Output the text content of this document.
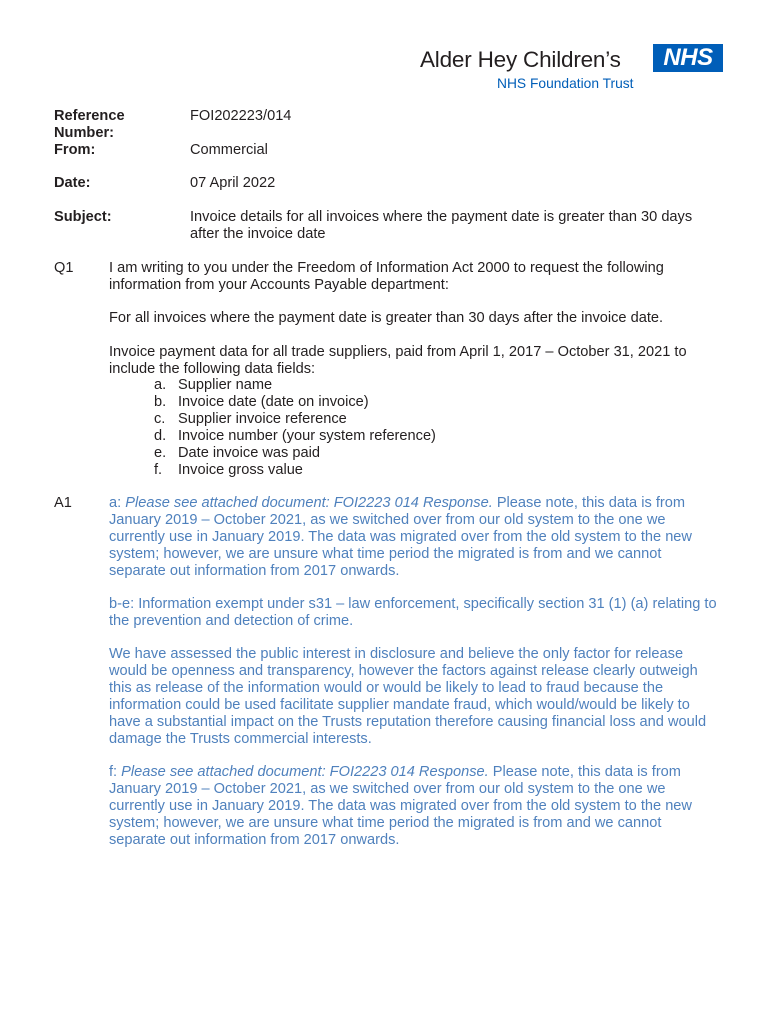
Alder Hey Children’s	NHS
NHS Foundation Trust
Reference Number:
FOI202223/014
From:	Commercial
Date:	07 April 2022
Subject:	Invoice details for all invoices where the payment date is greater than 30 days after the invoice date
Q1 I am writing to you under the Freedom of Information Act 2000 to request the following information from your Accounts Payable department:
For all invoices where the payment date is greater than 30 days after the invoice date.
Invoice payment data for all trade suppliers, paid from April 1, 2017 – October 31, 2021 to include the following data fields:
a. Supplier name
b. Invoice date (date on invoice)
c. Supplier invoice reference
d. Invoice number (your system reference)
e. Date invoice was paid
f. Invoice gross value
A1	a: Please see attached document: FOI2223 014 Response. Please note, this data is from January 2019 – October 2021, as we switched over from our old system to the one we currently use in January 2019. The data was migrated over from the old system to the new system; however, we are unsure what time period the migrated is from and we cannot separate out information from 2017 onwards.
b-e: Information exempt under s31 – law enforcement, specifically section 31 (1) (a) relating to the prevention and detection of crime.
We have assessed the public interest in disclosure and believe the only factor for release would be openness and transparency, however the factors against release clearly outweigh this as release of the information would or would be likely to lead to fraud because the information could be used facilitate supplier mandate fraud, which would/would be likely to have a substantial impact on the Trusts reputation therefore causing financial loss and would damage the Trusts commercial interests.
f: Please see attached document: FOI2223 014 Response. Please note, this data is from January 2019 – October 2021, as we switched over from our old system to the one we currently use in January 2019. The data was migrated over from the old system to the new system; however, we are unsure what time period the migrated is from and we cannot separate out information from 2017 onwards.
